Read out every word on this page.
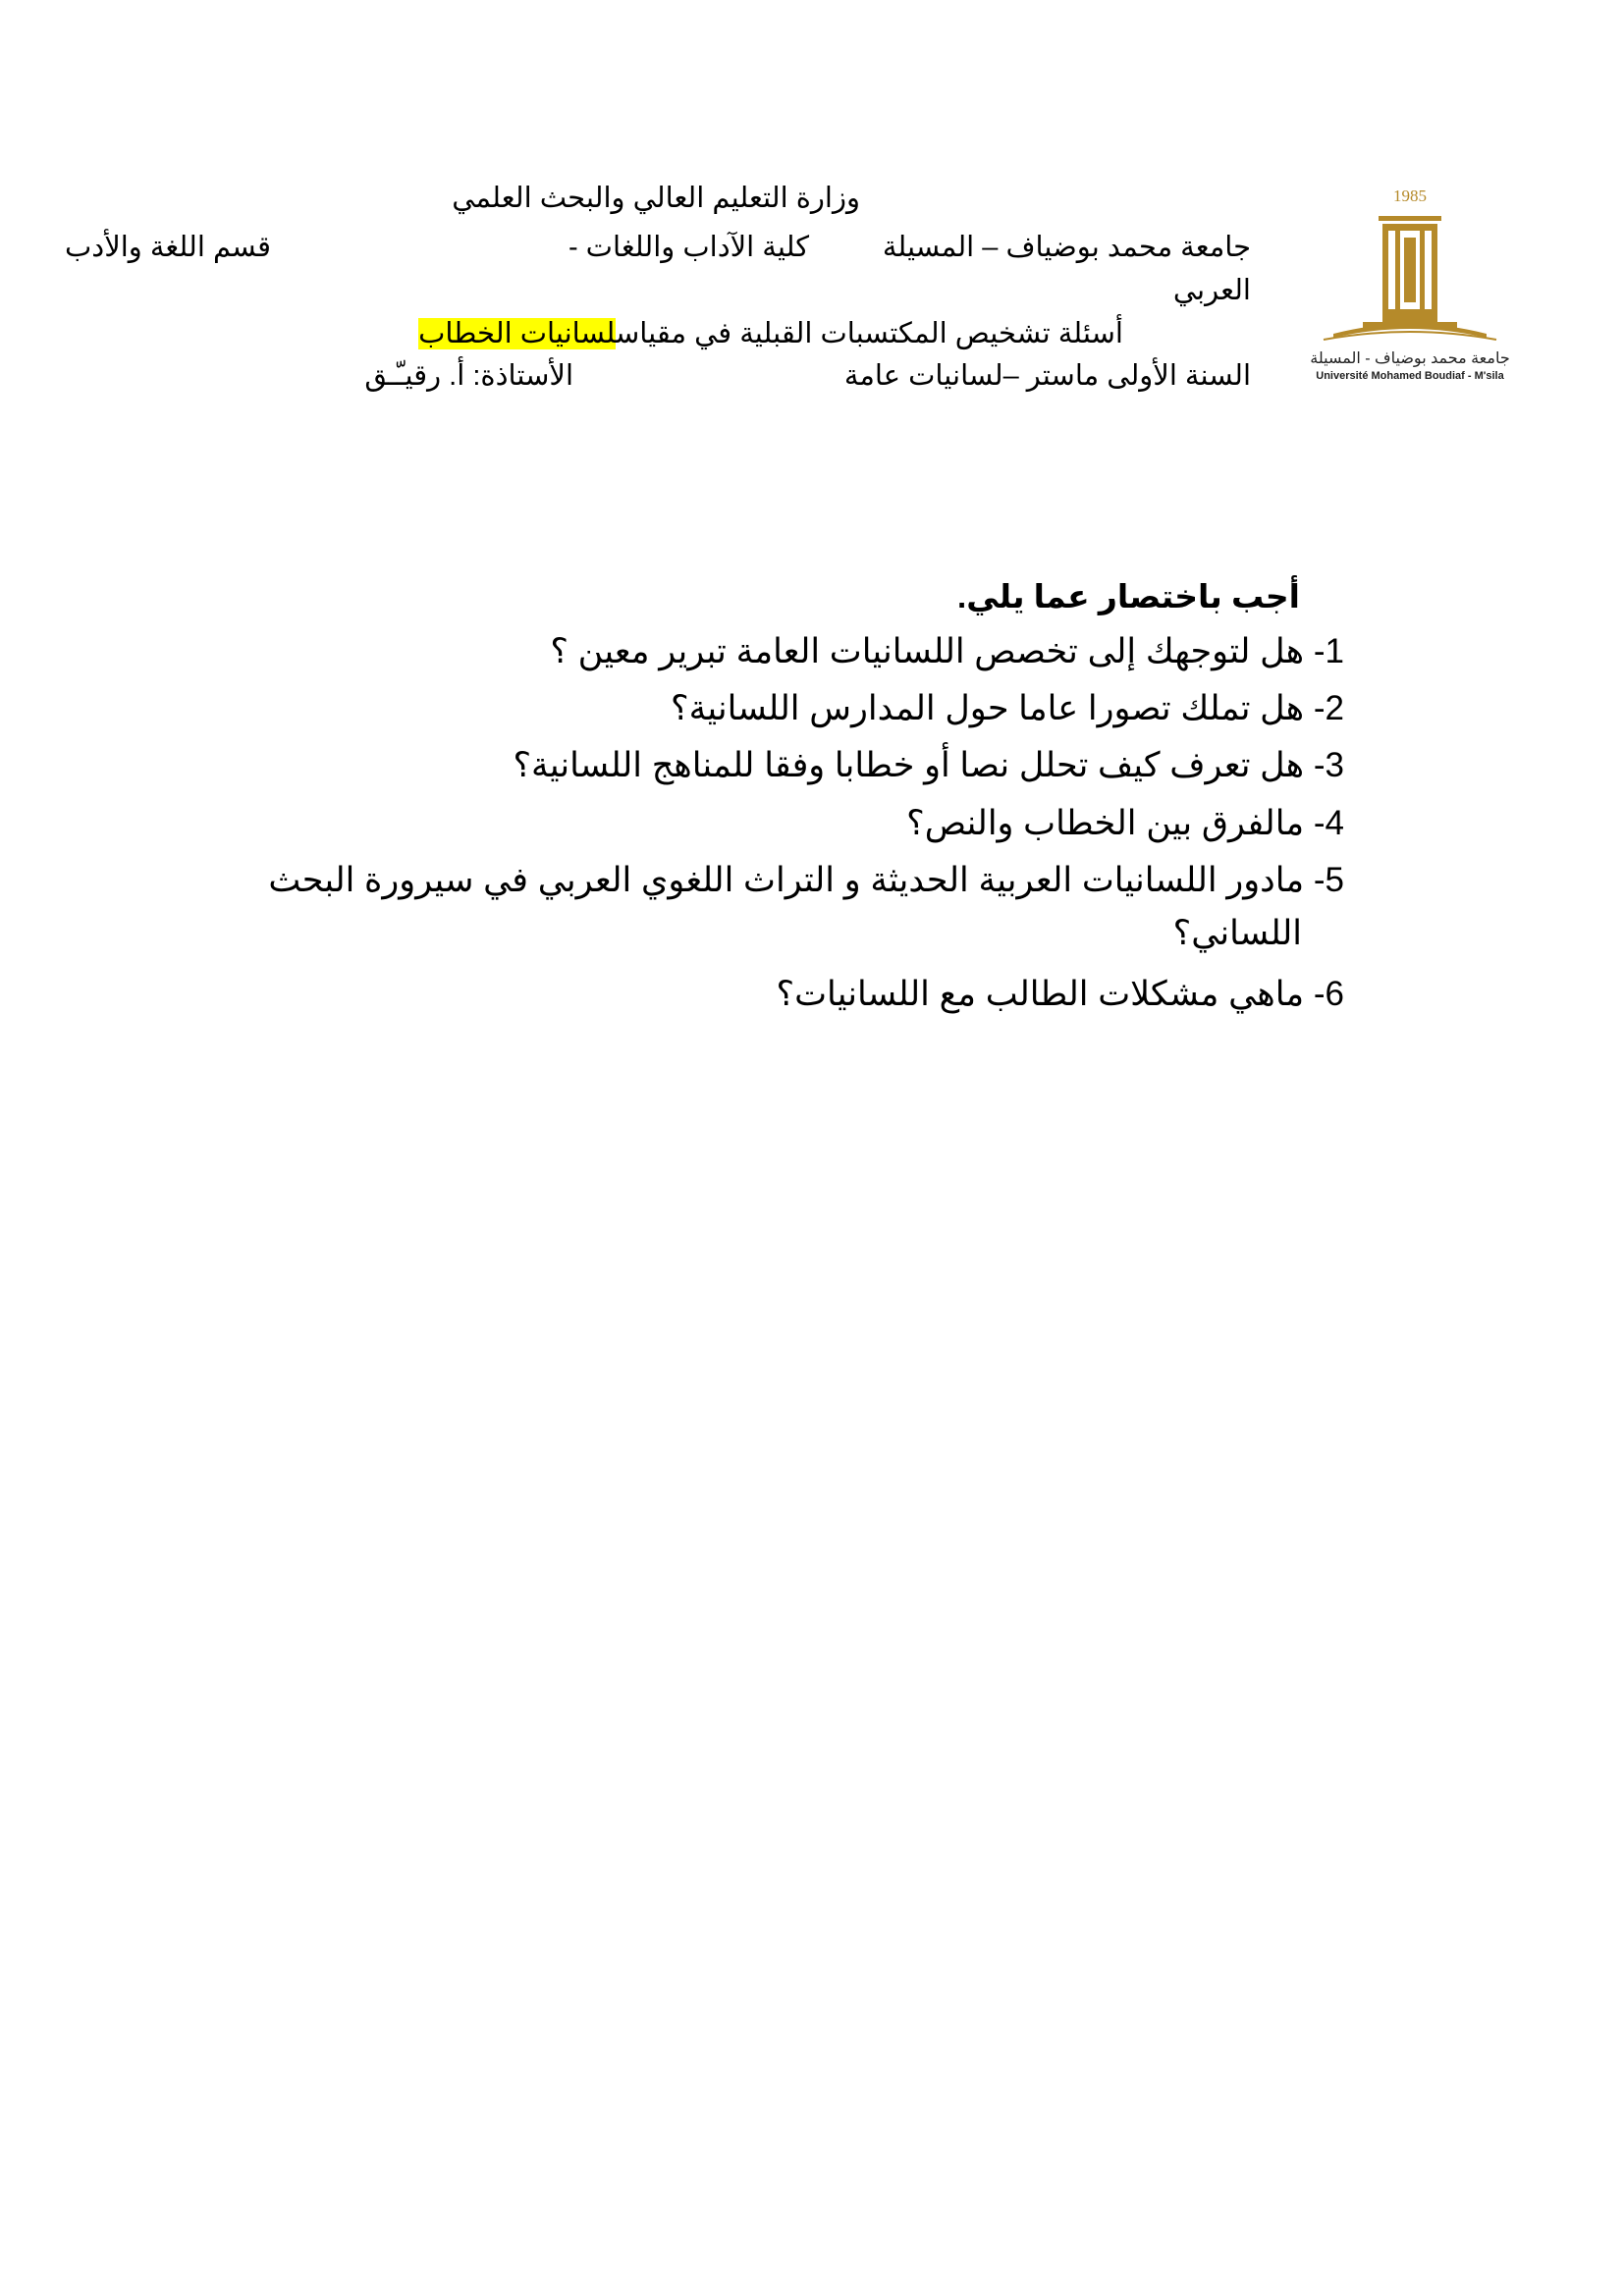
وزارة التعليم العالي والبحث العلمي
جامعة محمد بوضياف – المسيلة
كلية الآداب واللغات -
قسم اللغة والأدب
العربي
أسئلة تشخيص المكتسبات القبلية في مقياسلسانيات الخطاب
السنة الأولى ماستر –لسانيات عامة
الأستاذة: أ. رقيـّـق
1985
جامعة محمد بوضياف - المسيلة
Université Mohamed Boudiaf - M'sila
أجب باختصار عما يلي.
1- هل لتوجهك إلى تخصص اللسانيات العامة تبرير معين ؟
2- هل تملك تصورا عاما حول المدارس اللسانية؟
3- هل تعرف كيف تحلل نصا أو خطابا وفقا للمناهج اللسانية؟
4- مالفرق بين الخطاب والنص؟
5- مادور اللسانيات العربية الحديثة و التراث اللغوي العربي في سيرورة البحث
اللساني؟
6- ماهي مشكلات الطالب مع اللسانيات؟
